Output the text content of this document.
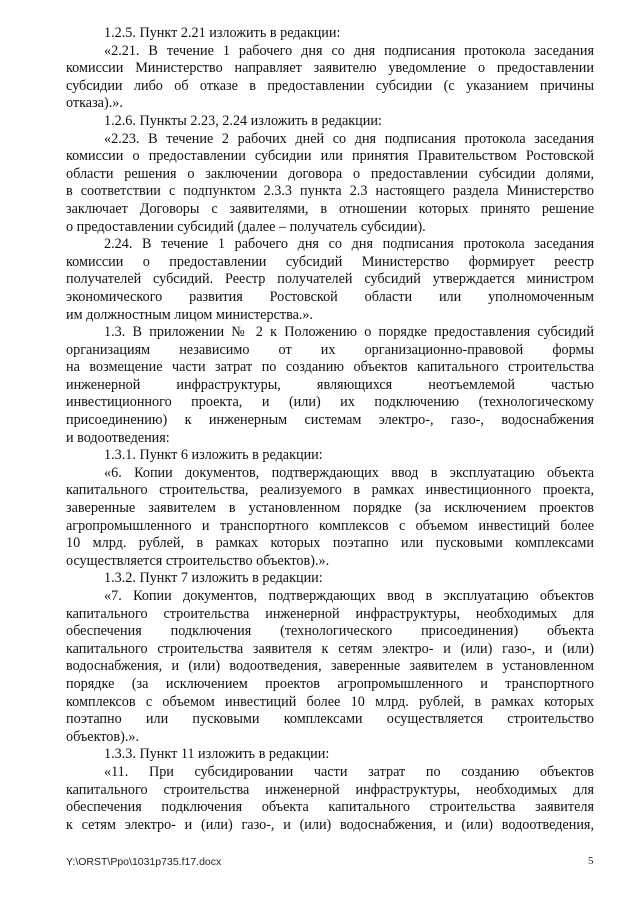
1.2.5. Пункт 2.21 изложить в редакции:
«2.21. В течение 1 рабочего дня со дня подписания протокола заседания
комиссии Министерство направляет заявителю уведомление о предоставлении
субсидии либо об отказе в предоставлении субсидии (с указанием причины
отказа).».
1.2.6. Пункты 2.23, 2.24 изложить в редакции:
«2.23. В течение 2 рабочих дней со дня подписания протокола заседания
комиссии о предоставлении субсидии или принятия Правительством Ростовской
области решения о заключении договора о предоставлении субсидии долями,
в соответствии с подпунктом 2.3.3 пункта 2.3 настоящего раздела Министерство
заключает Договоры с заявителями, в отношении которых принято решение
о предоставлении субсидий (далее – получатель субсидии).
2.24. В течение 1 рабочего дня со дня подписания протокола заседания
комиссии о предоставлении субсидий Министерство формирует реестр
получателей субсидий. Реестр получателей субсидий утверждается министром
экономического развития Ростовской области или уполномоченным
им должностным лицом министерства.».
1.3. В приложении № 2 к Положению о порядке предоставления субсидий
организациям независимо от их организационно-правовой формы
на возмещение части затрат по созданию объектов капитального строительства
инженерной инфраструктуры, являющихся неотъемлемой частью
инвестиционного проекта, и (или) их подключению (технологическому
присоединению) к инженерным системам электро-, газо-, водоснабжения
и водоотведения:
1.3.1. Пункт 6 изложить в редакции:
«6. Копии документов, подтверждающих ввод в эксплуатацию объекта
капитального строительства, реализуемого в рамках инвестиционного проекта,
заверенные заявителем в установленном порядке (за исключением проектов
агропромышленного и транспортного комплексов с объемом инвестиций более
10 млрд. рублей, в рамках которых поэтапно или пусковыми комплексами
осуществляется строительство объектов).».
1.3.2. Пункт 7 изложить в редакции:
«7. Копии документов, подтверждающих ввод в эксплуатацию объектов
капитального строительства инженерной инфраструктуры, необходимых для
обеспечения подключения (технологического присоединения) объекта
капитального строительства заявителя к сетям электро- и (или) газо-, и (или)
водоснабжения, и (или) водоотведения, заверенные заявителем в установленном
порядке (за исключением проектов агропромышленного и транспортного
комплексов с объемом инвестиций более 10 млрд. рублей, в рамках которых
поэтапно или пусковыми комплексами осуществляется строительство
объектов).».
1.3.3. Пункт 11 изложить в редакции:
«11. При субсидировании части затрат по созданию объектов
капитального строительства инженерной инфраструктуры, необходимых для
обеспечения подключения объекта капитального строительства заявителя
к сетям электро- и (или) газо-, и (или) водоснабжения, и (или) водоотведения,
Y:\ORST\Ppo\1031p735.f17.docx	5
